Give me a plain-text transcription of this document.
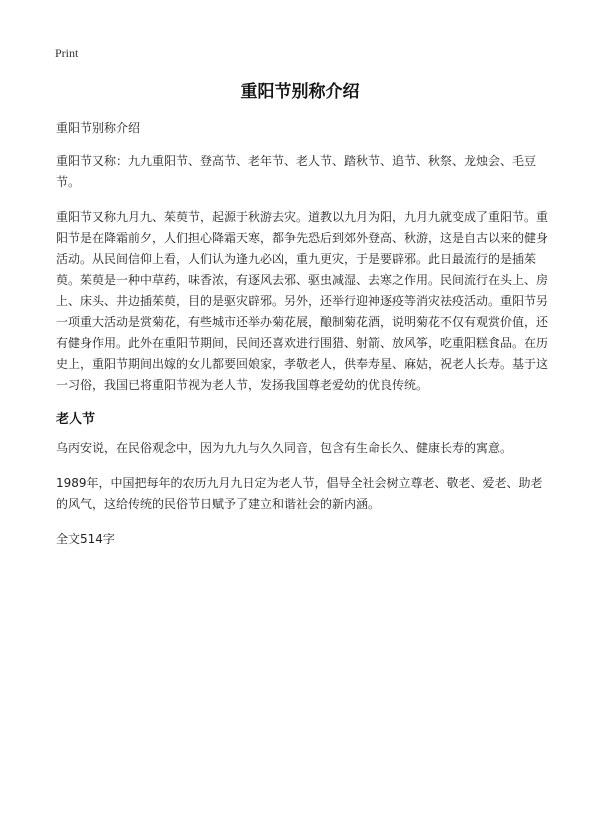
Print
重阳节别称介绍

重阳节别称介绍

重阳节又称：九九重阳节、登高节、老年节、老人节、踏秋节、追节、秋祭、龙烛会、毛豆节。

重阳节又称九月九、茱萸节，起源于秋游去灾。道教以九月为阳，九月九就变成了重阳节。重阳节是在降霜前夕，人们担心降霜天寒，都争先恐后到郊外登高、秋游，这是自古以来的健身活动。从民间信仰上看，人们认为逢九必凶，重九更灾，于是要辟邪。此日最流行的是插茱萸。茱萸是一种中草药，味香浓，有逐风去邪、驱虫减湿、去寒之作用。民间流行在头上、房上、床头、井边插茱萸，目的是驱灾辟邪。另外，还举行迎神逐疫等消灾祛疫活动。重阳节另一项重大活动是赏菊花，有些城市还举办菊花展，酿制菊花酒，说明菊花不仅有观赏价值，还有健身作用。此外在重阳节期间，民间还喜欢进行围猎、射箭、放风筝，吃重阳糕食品。在历史上，重阳节期间出嫁的女儿都要回娘家，孝敬老人，供奉寿星、麻姑，祝老人长寿。基于这一习俗，我国已将重阳节视为老人节，发扬我国尊老爱幼的优良传统。

老人节

乌丙安说，在民俗观念中，因为九九与久久同音，包含有生命长久、健康长寿的寓意。

1989年，中国把每年的农历九月九日定为老人节，倡导全社会树立尊老、敬老、爱老、助老的风气，这给传统的民俗节日赋予了建立和谐社会的新内涵。

全文514字
